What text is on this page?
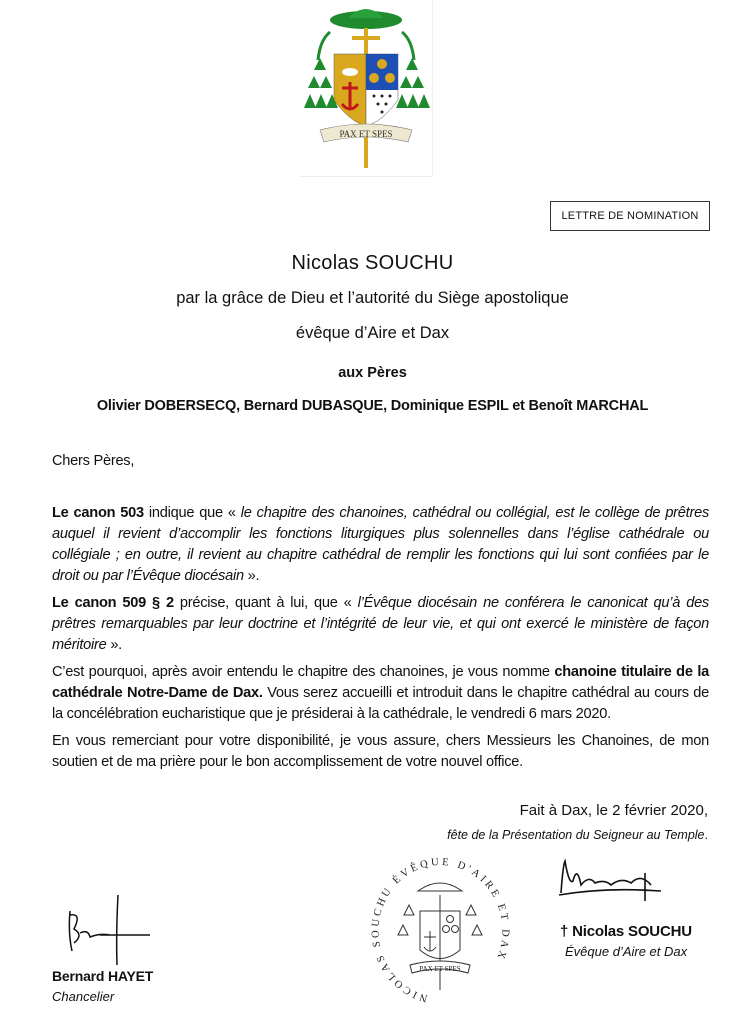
PAX ET SPES
LETTRE DE NOMINATION
Nicolas SOUCHU
par la grâce de Dieu et l’autorité du Siège apostolique
évêque d’Aire et Dax
aux Pères
Olivier DOBERSECQ, Bernard DUBASQUE, Dominique ESPIL et Benoît MARCHAL
Chers Pères,

Le canon 503 indique que « le chapitre des chanoines, cathédral ou collégial, est le collège de prêtres auquel il revient d’accomplir les fonctions liturgiques plus solennelles dans l’église cathédrale ou collégiale ; en outre, il revient au chapitre cathédral de remplir les fonctions qui lui sont confiées par le droit ou par l’Évêque diocésain ».

Le canon 509 § 2 précise, quant à lui, que « l’Évêque diocésain ne conférera le canonicat qu’à des prêtres remarquables par leur doctrine et l’intégrité de leur vie, et qui ont exercé le ministère de façon méritoire ».

C’est pourquoi, après avoir entendu le chapitre des chanoines, je vous nomme chanoine titulaire de la cathédrale Notre-Dame de Dax. Vous serez accueilli et introduit dans le chapitre cathédral au cours de la concélébration eucharistique que je présiderai à la cathédrale, le vendredi 6 mars 2020.

En vous remerciant pour votre disponibilité, je vous assure, chers Messieurs les Chanoines, de mon soutien et de ma prière pour le bon accomplissement de votre nouvel office.

Fait à Dax, le 2 février 2020,
fête de la Présentation du Seigneur au Temple.
NICOLAS SOUCHU ÉVÊQUE D'AIRE ET DAX
PAX ET SPES
† Nicolas SOUCHU
Évêque d’Aire et Dax
Bernard HAYET
Chancelier
